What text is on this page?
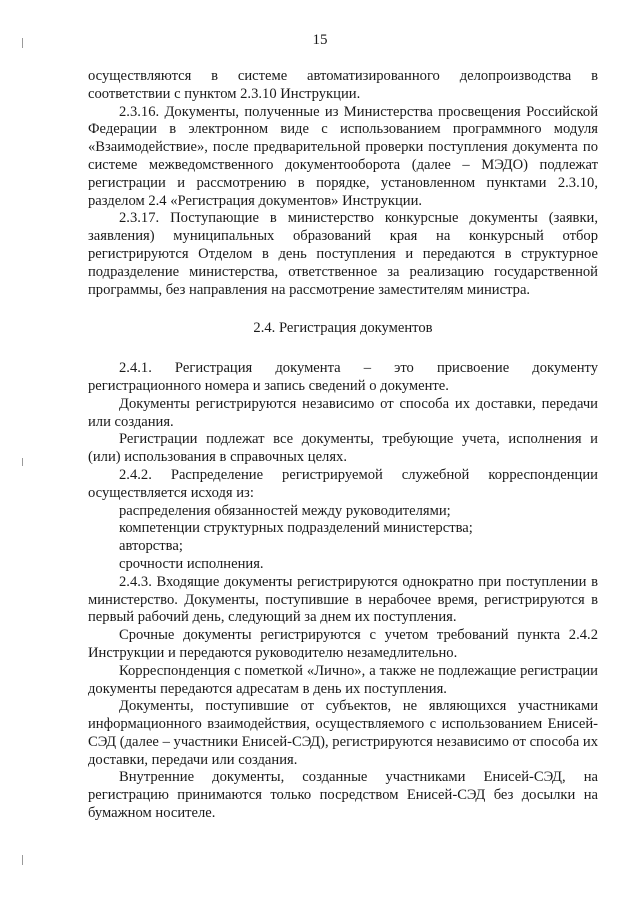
15

осуществляются в системе автоматизированного делопроизводства в соответствии с пунктом 2.3.10 Инструкции.

2.3.16. Документы, полученные из Министерства просвещения Российской Федерации в электронном виде с использованием программного модуля «Взаимодействие», после предварительной проверки поступления документа по системе межведомственного документооборота (далее – МЭДО) подлежат регистрации и рассмотрению в порядке, установленном пунктами 2.3.10, разделом 2.4 «Регистрация документов» Инструкции.

2.3.17. Поступающие в министерство конкурсные документы (заявки, заявления) муниципальных образований края на конкурсный отбор регистрируются Отделом в день поступления и передаются в структурное подразделение министерства, ответственное за реализацию государственной программы, без направления на рассмотрение заместителям министра.

2.4. Регистрация документов

2.4.1. Регистрация документа – это присвоение документу регистрационного номера и запись сведений о документе.

Документы регистрируются независимо от способа их доставки, передачи или создания.

Регистрации подлежат все документы, требующие учета, исполнения и (или) использования в справочных целях.

2.4.2. Распределение регистрируемой служебной корреспонденции осуществляется исходя из:

распределения обязанностей между руководителями;

компетенции структурных подразделений министерства;

авторства;

срочности исполнения.

2.4.3. Входящие документы регистрируются однократно при поступлении в министерство. Документы, поступившие в нерабочее время, регистрируются в первый рабочий день, следующий за днем их поступления.

Срочные документы регистрируются с учетом требований пункта 2.4.2 Инструкции и передаются руководителю незамедлительно.

Корреспонденция с пометкой «Лично», а также не подлежащие регистрации документы передаются адресатам в день их поступления.

Документы, поступившие от субъектов, не являющихся участниками информационного взаимодействия, осуществляемого с использованием Енисей-СЭД (далее – участники Енисей-СЭД), регистрируются независимо от способа их доставки, передачи или создания.

Внутренние документы, созданные участниками Енисей-СЭД, на регистрацию принимаются только посредством Енисей-СЭД без досылки на бумажном носителе.
